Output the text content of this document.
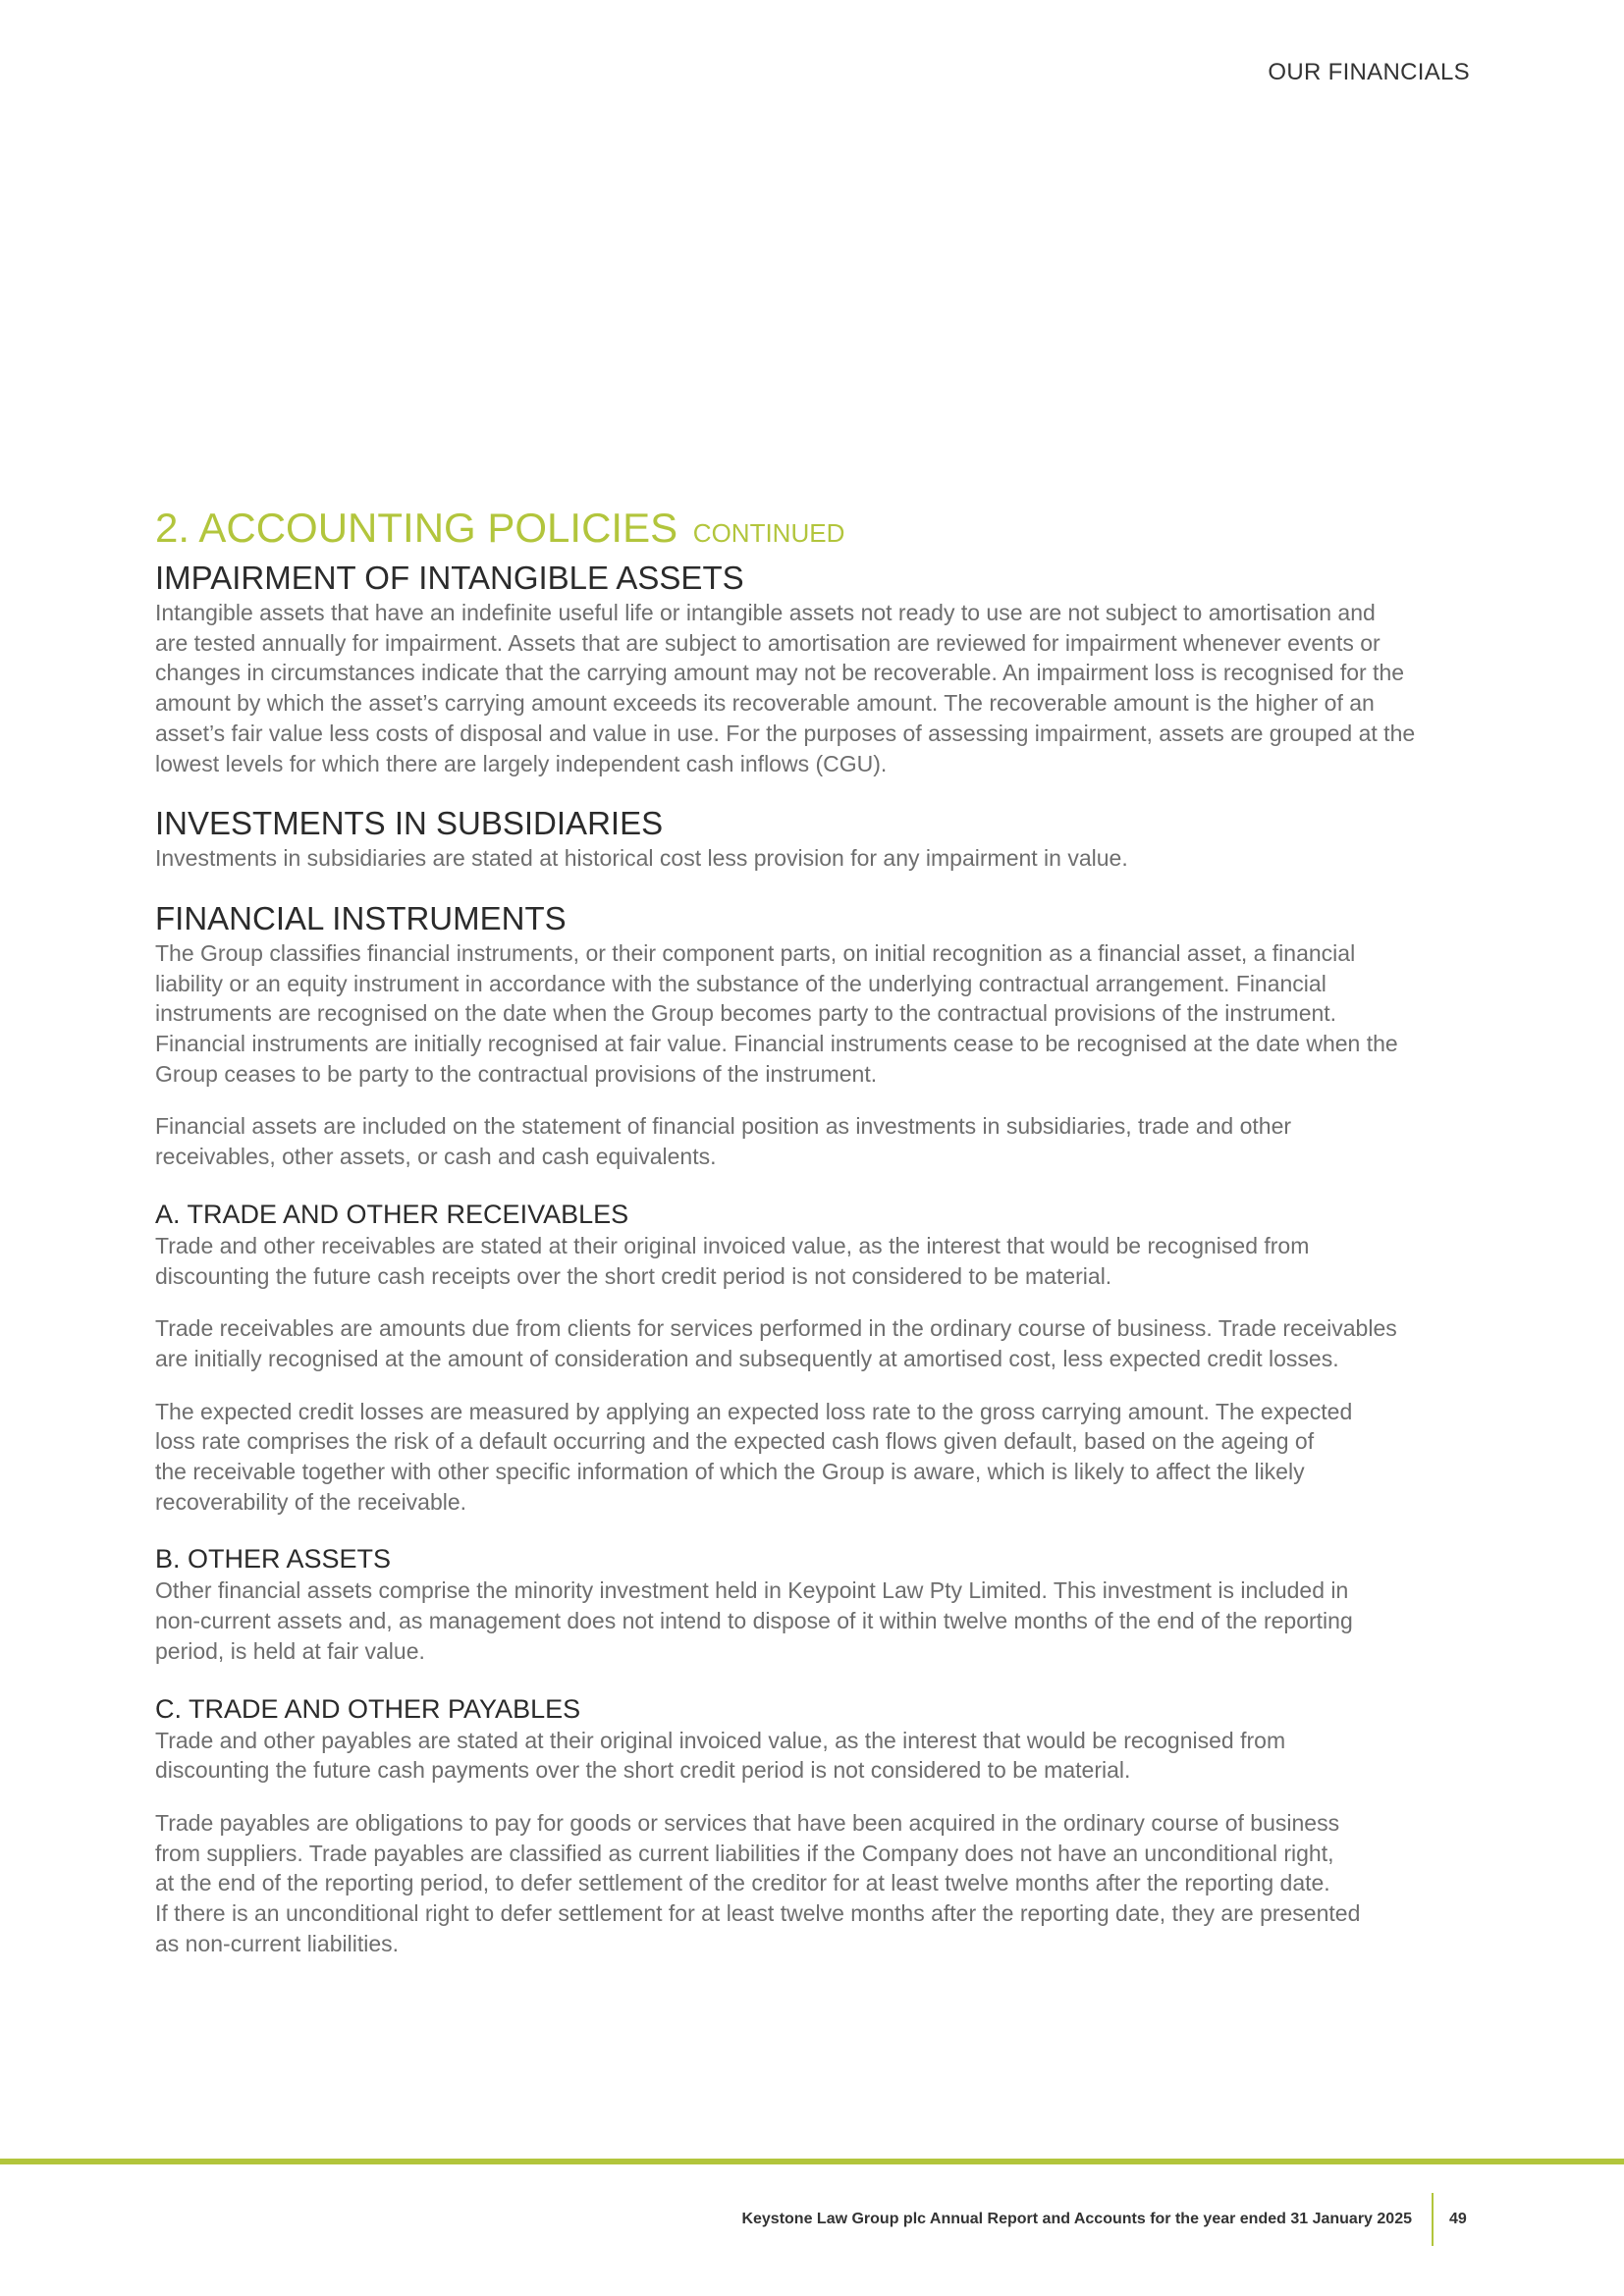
OUR FINANCIALS
2. ACCOUNTING POLICIES CONTINUED
IMPAIRMENT OF INTANGIBLE ASSETS

Intangible assets that have an indefinite useful life or intangible assets not ready to use are not subject to amortisation and
are tested annually for impairment. Assets that are subject to amortisation are reviewed for impairment whenever events or
changes in circumstances indicate that the carrying amount may not be recoverable. An impairment loss is recognised for the
amount by which the asset’s carrying amount exceeds its recoverable amount. The recoverable amount is the higher of an
asset’s fair value less costs of disposal and value in use. For the purposes of assessing impairment, assets are grouped at the
lowest levels for which there are largely independent cash inflows (CGU).

INVESTMENTS IN SUBSIDIARIES

Investments in subsidiaries are stated at historical cost less provision for any impairment in value.

FINANCIAL INSTRUMENTS

The Group classifies financial instruments, or their component parts, on initial recognition as a financial asset, a financial
liability or an equity instrument in accordance with the substance of the underlying contractual arrangement. Financial
instruments are recognised on the date when the Group becomes party to the contractual provisions of the instrument.
Financial instruments are initially recognised at fair value. Financial instruments cease to be recognised at the date when the
Group ceases to be party to the contractual provisions of the instrument.

Financial assets are included on the statement of financial position as investments in subsidiaries, trade and other
receivables, other assets, or cash and cash equivalents.

A. TRADE AND OTHER RECEIVABLES

Trade and other receivables are stated at their original invoiced value, as the interest that would be recognised from
discounting the future cash receipts over the short credit period is not considered to be material.

Trade receivables are amounts due from clients for services performed in the ordinary course of business. Trade receivables
are initially recognised at the amount of consideration and subsequently at amortised cost, less expected credit losses.

The expected credit losses are measured by applying an expected loss rate to the gross carrying amount. The expected
loss rate comprises the risk of a default occurring and the expected cash flows given default, based on the ageing of
the receivable together with other specific information of which the Group is aware, which is likely to affect the likely
recoverability of the receivable.

B. OTHER ASSETS

Other financial assets comprise the minority investment held in Keypoint Law Pty Limited. This investment is included in
non-current assets and, as management does not intend to dispose of it within twelve months of the end of the reporting
period, is held at fair value.

C. TRADE AND OTHER PAYABLES

Trade and other payables are stated at their original invoiced value, as the interest that would be recognised from
discounting the future cash payments over the short credit period is not considered to be material.

Trade payables are obligations to pay for goods or services that have been acquired in the ordinary course of business
from suppliers. Trade payables are classified as current liabilities if the Company does not have an unconditional right,
at the end of the reporting period, to defer settlement of the creditor for at least twelve months after the reporting date.
If there is an unconditional right to defer settlement for at least twelve months after the reporting date, they are presented
as non-current liabilities.

Keystone Law Group plc Annual Report and Accounts for the year ended 31 January 2025 49
